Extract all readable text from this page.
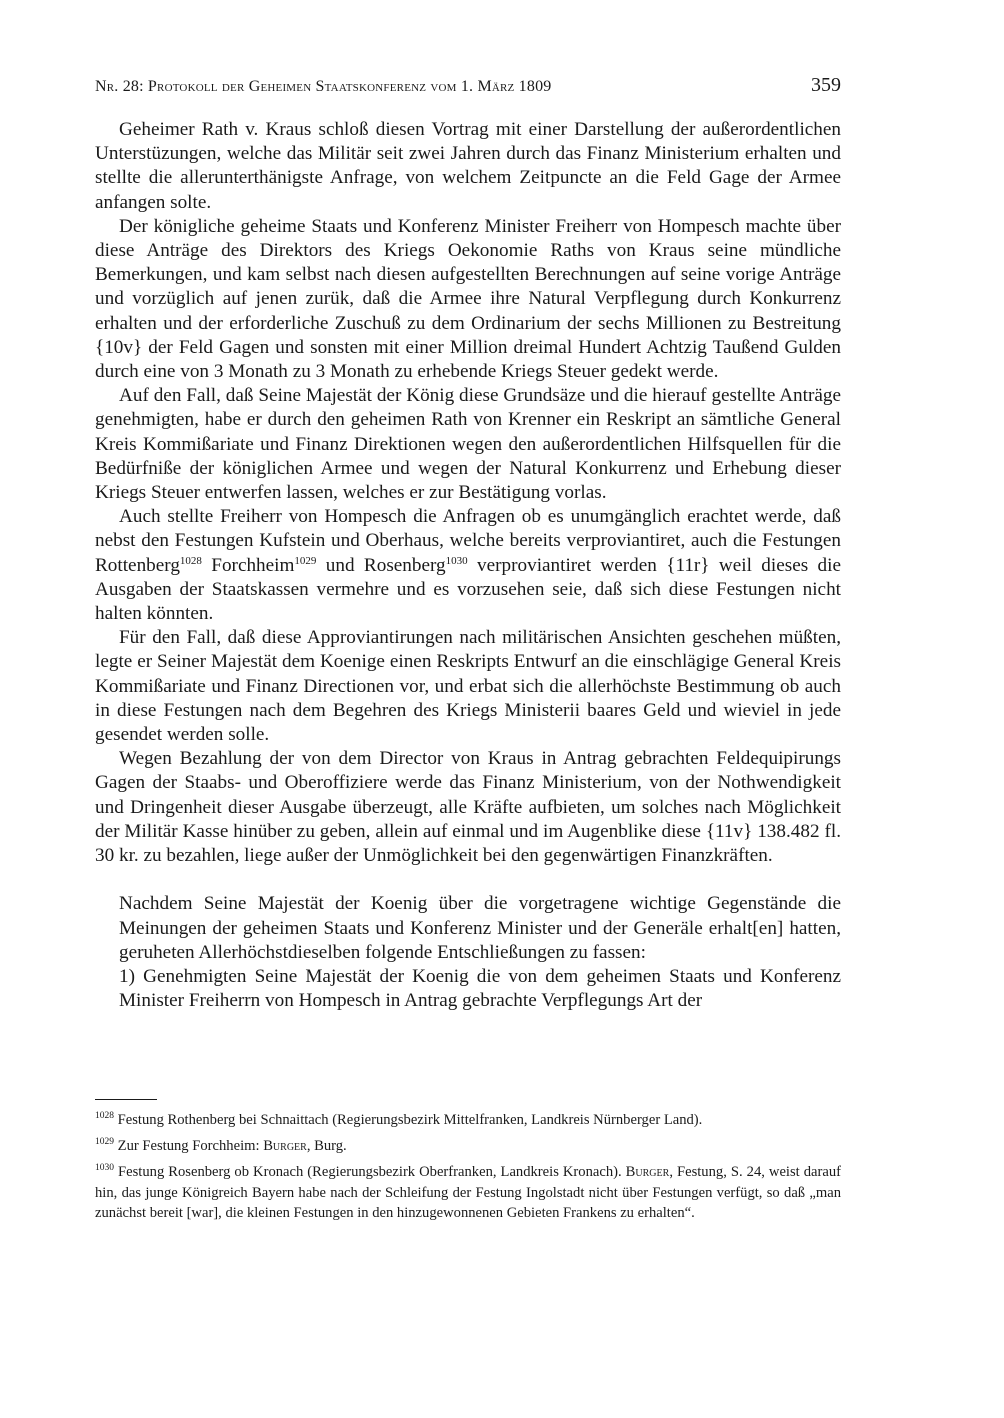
Nr. 28: Protokoll der Geheimen Staatskonferenz vom 1. März 1809	359

Geheimer Rath v. Kraus schloß diesen Vortrag mit einer Darstellung der außerordentlichen Unterstüzungen, welche das Militär seit zwei Jahren durch das Finanz Ministerium erhalten und stellte die allerunterthänigste Anfrage, von welchem Zeitpuncte an die Feld Gage der Armee anfangen solte.

Der königliche geheime Staats und Konferenz Minister Freiherr von Hompesch machte über diese Anträge des Direktors des Kriegs Oekonomie Raths von Kraus seine mündliche Bemerkungen, und kam selbst nach diesen aufgestellten Berechnungen auf seine vorige Anträge und vorzüglich auf jenen zurük, daß die Armee ihre Natural Verpflegung durch Konkurrenz erhalten und der erforderliche Zuschuß zu dem Ordinarium der sechs Millionen zu Bestreitung {10v} der Feld Gagen und sonsten mit einer Million dreimal Hundert Achtzig Taußend Gulden durch eine von 3 Monath zu 3 Monath zu erhebende Kriegs Steuer gedekt werde.

Auf den Fall, daß Seine Majestät der König diese Grundsäze und die hierauf gestellte Anträge genehmigten, habe er durch den geheimen Rath von Krenner ein Reskript an sämtliche General Kreis Kommißariate und Finanz Direktionen wegen den außerordentlichen Hilfsquellen für die Bedürfniße der königlichen Armee und wegen der Natural Konkurrenz und Erhebung dieser Kriegs Steuer entwerfen lassen, welches er zur Bestätigung vorlas.

Auch stellte Freiherr von Hompesch die Anfragen ob es unumgänglich erachtet werde, daß nebst den Festungen Kufstein und Oberhaus, welche bereits verproviantiret, auch die Festungen Rottenberg$^{1028}$ Forchheim$^{1029}$ und Rosenberg$^{1030}$ verproviantiret werden {11r} weil dieses die Ausgaben der Staatskassen vermehre und es vorzusehen seie, daß sich diese Festungen nicht halten könnten.

Für den Fall, daß diese Approviantirungen nach militärischen Ansichten geschehen müßten, legte er Seiner Majestät dem Koenige einen Reskripts Entwurf an die einschlägige General Kreis Kommißariate und Finanz Directionen vor, und erbat sich die allerhöchste Bestimmung ob auch in diese Festungen nach dem Begehren des Kriegs Ministerii baares Geld und wieviel in jede gesendet werden solle.

Wegen Bezahlung der von dem Director von Kraus in Antrag gebrachten Feldequipirungs Gagen der Staabs- und Oberoffiziere werde das Finanz Ministerium, von der Nothwendigkeit und Dringenheit dieser Ausgabe überzeugt, alle Kräfte aufbieten, um solches nach Möglichkeit der Militär Kasse hinüber zu geben, allein auf einmal und im Augenblike diese {11v} 138.482 fl. 30 kr. zu bezahlen, liege außer der Unmöglichkeit bei den gegenwärtigen Finanzkräften.

Nachdem Seine Majestät der Koenig über die vorgetragene wichtige Gegenstände die Meinungen der geheimen Staats und Konferenz Minister und der Generäle erhalt[en] hatten, geruheten Allerhöchstdieselben folgende Entschließungen zu fassen:

1) Genehmigten Seine Majestät der Koenig die von dem geheimen Staats und Konferenz Minister Freiherrn von Hompesch in Antrag gebrachte Verpflegungs Art der

$^{1028}$ Festung Rothenberg bei Schnaittach (Regierungsbezirk Mittelfranken, Landkreis Nürnberger Land).

$^{1029}$ Zur Festung Forchheim: Burger, Burg.

$^{1030}$ Festung Rosenberg ob Kronach (Regierungsbezirk Oberfranken, Landkreis Kronach). Burger, Festung, S. 24, weist darauf hin, das junge Königreich Bayern habe nach der Schleifung der Festung Ingolstadt nicht über Festungen verfügt, so daß „man zunächst bereit [war], die kleinen Festungen in den hinzugewonnenen Gebieten Frankens zu erhalten“.
